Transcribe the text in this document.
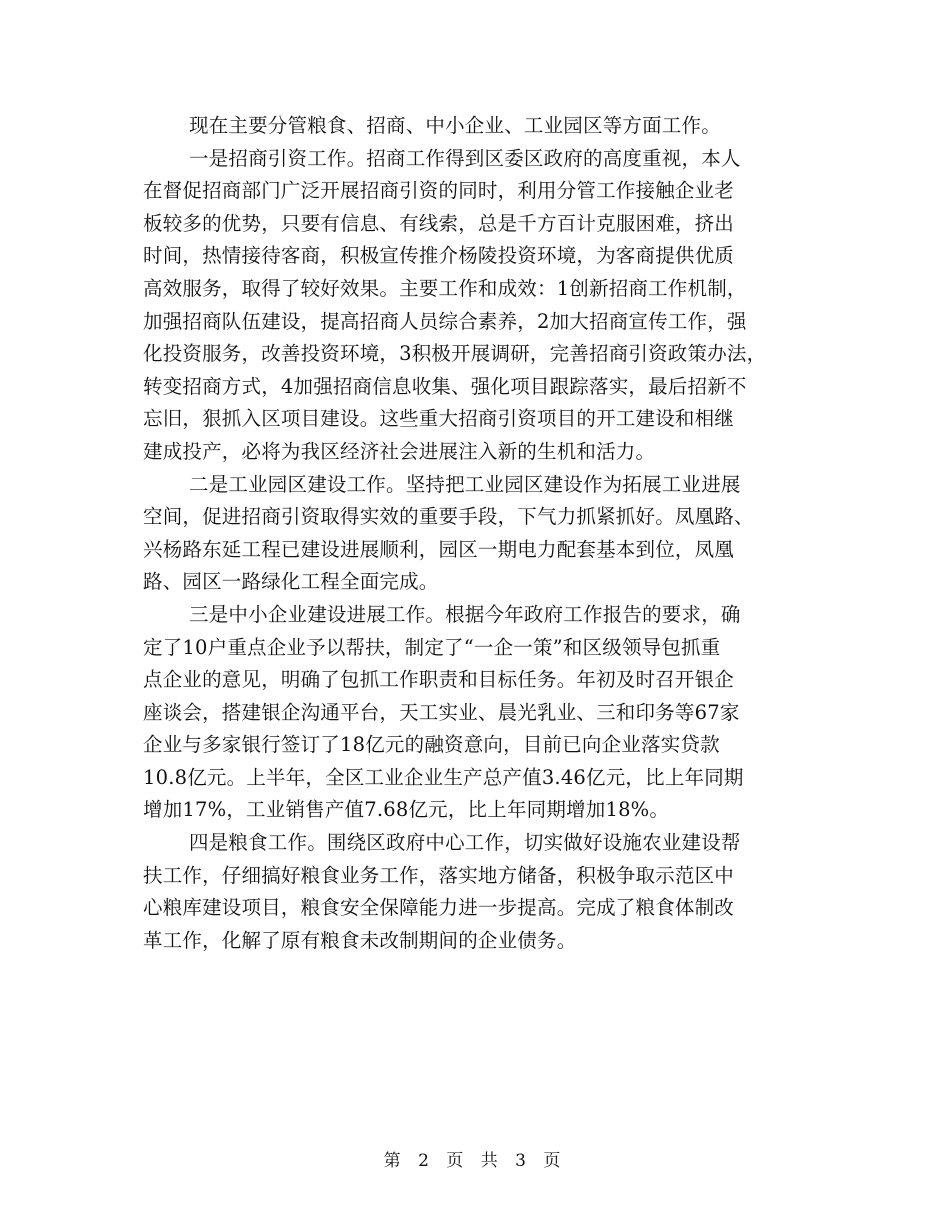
现在主要分管粮食、招商、中小企业、工业园区等方面工作。
一是招商引资工作。招商工作得到区委区政府的高度重视，本人
在督促招商部门广泛开展招商引资的同时，利用分管工作接触企业老
板较多的优势，只要有信息、有线索，总是千方百计克服困难，挤出
时间，热情接待客商，积极宣传推介杨陵投资环境，为客商提供优质
高效服务，取得了较好效果。主要工作和成效：1创新招商工作机制，
加强招商队伍建设，提高招商人员综合素养，2加大招商宣传工作，强
化投资服务，改善投资环境，3积极开展调研，完善招商引资政策办法，
转变招商方式，4加强招商信息收集、强化项目跟踪落实，最后招新不
忘旧，狠抓入区项目建设。这些重大招商引资项目的开工建设和相继
建成投产，必将为我区经济社会进展注入新的生机和活力。
二是工业园区建设工作。坚持把工业园区建设作为拓展工业进展
空间，促进招商引资取得实效的重要手段，下气力抓紧抓好。凤凰路、
兴杨路东延工程已建设进展顺利，园区一期电力配套基本到位，凤凰
路、园区一路绿化工程全面完成。
三是中小企业建设进展工作。根据今年政府工作报告的要求，确
定了10户重点企业予以帮扶，制定了“一企一策”和区级领导包抓重
点企业的意见，明确了包抓工作职责和目标任务。年初及时召开银企
座谈会，搭建银企沟通平台，天工实业、晨光乳业、三和印务等67家
企业与多家银行签订了18亿元的融资意向，目前已向企业落实贷款
10.8亿元。上半年，全区工业企业生产总产值3.46亿元，比上年同期
增加17%，工业销售产值7.68亿元，比上年同期增加18%。
四是粮食工作。围绕区政府中心工作，切实做好设施农业建设帮
扶工作，仔细搞好粮食业务工作，落实地方储备，积极争取示范区中
心粮库建设项目，粮食安全保障能力进一步提高。完成了粮食体制改
革工作，化解了原有粮食未改制期间的企业债务。
第 2 页 共 3 页
